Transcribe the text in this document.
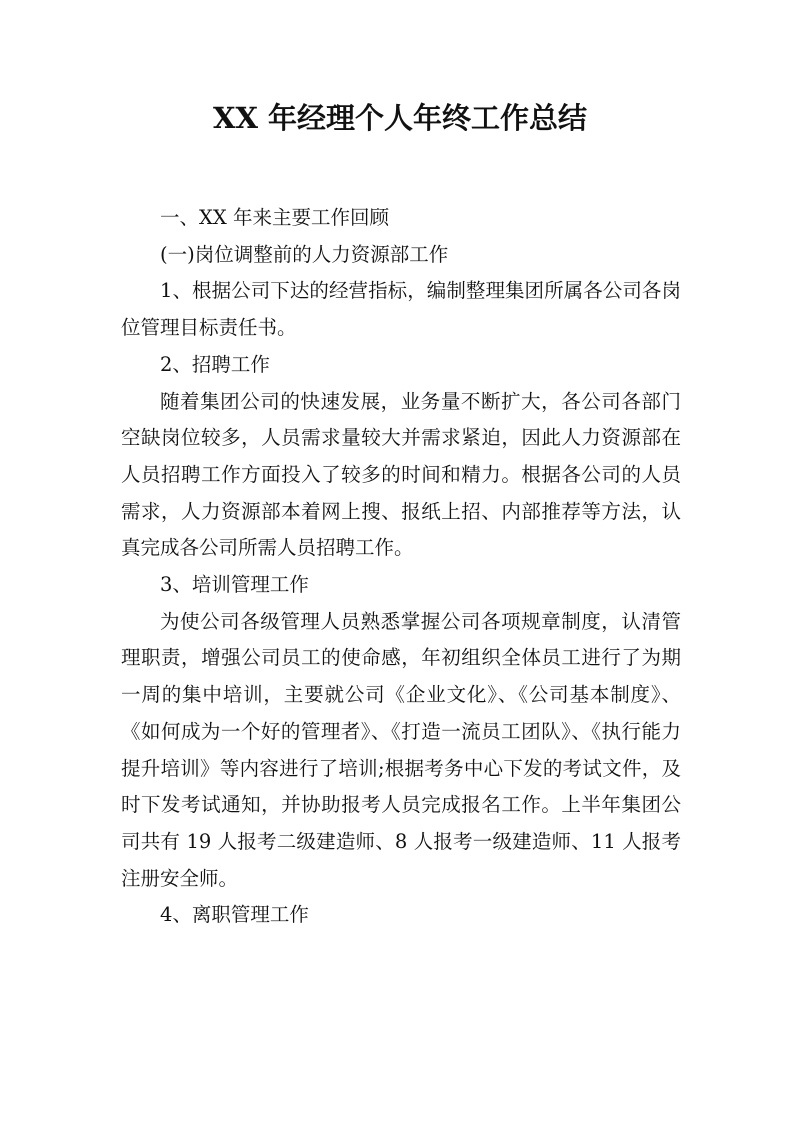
XX 年经理个人年终工作总结

一、XX 年来主要工作回顾

(一)岗位调整前的人力资源部工作

1、根据公司下达的经营指标，编制整理集团所属各公司各岗位管理目标责任书。

2、招聘工作

随着集团公司的快速发展，业务量不断扩大，各公司各部门空缺岗位较多，人员需求量较大并需求紧迫，因此人力资源部在人员招聘工作方面投入了较多的时间和精力。根据各公司的人员需求，人力资源部本着网上搜、报纸上招、内部推荐等方法，认真完成各公司所需人员招聘工作。

3、培训管理工作

为使公司各级管理人员熟悉掌握公司各项规章制度，认清管理职责，增强公司员工的使命感，年初组织全体员工进行了为期一周的集中培训，主要就公司《企业文化》、《公司基本制度》、《如何成为一个好的管理者》、《打造一流员工团队》、《执行能力提升培训》等内容进行了培训;根据考务中心下发的考试文件，及时下发考试通知，并协助报考人员完成报名工作。上半年集团公司共有 19 人报考二级建造师、8 人报考一级建造师、11 人报考注册安全师。

4、离职管理工作
